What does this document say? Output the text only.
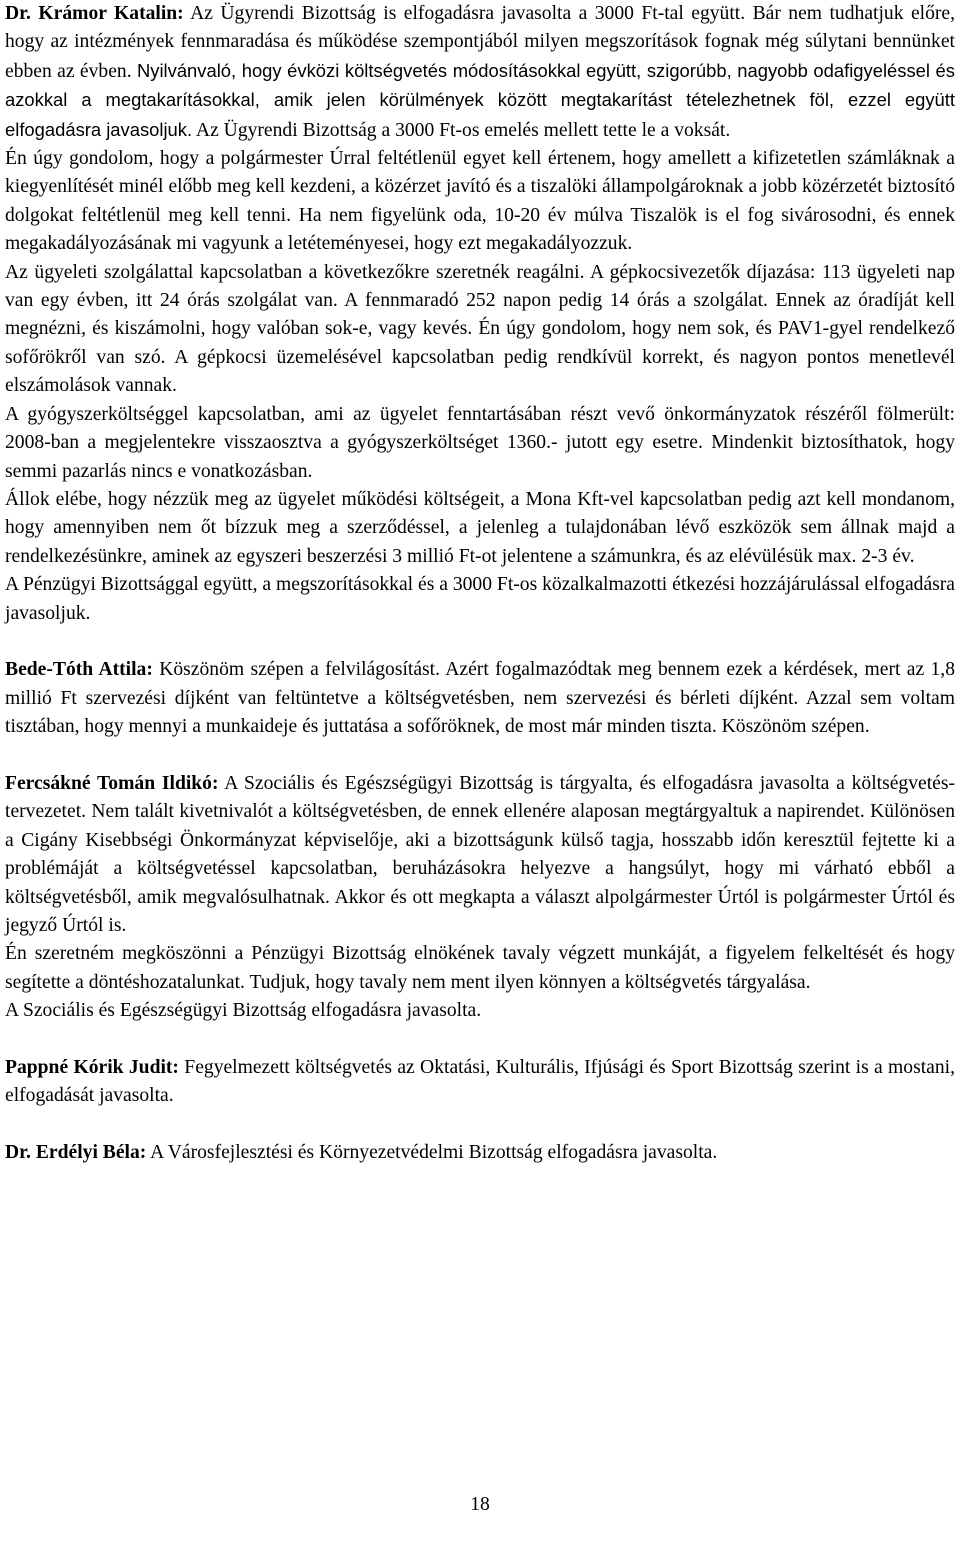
Dr. Krámor Katalin: Az Ügyrendi Bizottság is elfogadásra javasolta a 3000 Ft-tal együtt. Bár nem tudhatjuk előre, hogy az intézmények fennmaradása és működése szempontjából milyen megszorítások fognak még súlytani bennünket ebben az évben. Nyilvánvaló, hogy évközi költségvetés módosításokkal együtt, szigorúbb, nagyobb odafigyeléssel és azokkal a megtakarításokkal, amik jelen körülmények között megtakarítást tételezhetnek föl, ezzel együtt elfogadásra javasoljuk. Az Ügyrendi Bizottság a 3000 Ft-os emelés mellett tette le a voksát.

Én úgy gondolom, hogy a polgármester Úrral feltétlenül egyet kell értenem, hogy amellett a kifizetetlen számláknak a kiegyenlítését minél előbb meg kell kezdeni, a közérzet javító és a tiszalöki állampolgároknak a jobb közérzetét biztosító dolgokat feltétlenül meg kell tenni. Ha nem figyelünk oda, 10-20 év múlva Tiszalök is el fog sivárosodni, és ennek megakadályozásának mi vagyunk a letéteményesei, hogy ezt megakadályozzuk.

Az ügyeleti szolgálattal kapcsolatban a következőkre szeretnék reagálni. A gépkocsivezetők díjazása: 113 ügyeleti nap van egy évben, itt 24 órás szolgálat van. A fennmaradó 252 napon pedig 14 órás a szolgálat. Ennek az óradíját kell megnézni, és kiszámolni, hogy valóban sok-e, vagy kevés. Én úgy gondolom, hogy nem sok, és PAV1-gyel rendelkező sofőrökről van szó. A gépkocsi üzemelésével kapcsolatban pedig rendkívül korrekt, és nagyon pontos menetlevél elszámolások vannak.

A gyógyszerköltséggel kapcsolatban, ami az ügyelet fenntartásában részt vevő önkormányzatok részéről fölmerült: 2008-ban a megjelentekre visszaosztva a gyógyszerköltséget 1360.- jutott egy esetre. Mindenkit biztosíthatok, hogy semmi pazarlás nincs e vonatkozásban.

Állok elébe, hogy nézzük meg az ügyelet működési költségeit, a Mona Kft-vel kapcsolatban pedig azt kell mondanom, hogy amennyiben nem őt bízzuk meg a szerződéssel, a jelenleg a tulajdonában lévő eszközök sem állnak majd a rendelkezésünkre, aminek az egyszeri beszerzési 3 millió Ft-ot jelentene a számunkra, és az elévülésük max. 2-3 év.

A Pénzügyi Bizottsággal együtt, a megszorításokkal és a 3000 Ft-os közalkalmazotti étkezési hozzájárulással elfogadásra javasoljuk.

Bede-Tóth Attila: Köszönöm szépen a felvilágosítást. Azért fogalmazódtak meg bennem ezek a kérdések, mert az 1,8 millió Ft szervezési díjként van feltüntetve a költségvetésben, nem szervezési és bérleti díjként. Azzal sem voltam tisztában, hogy mennyi a munkaideje és juttatása a sofőröknek, de most már minden tiszta. Köszönöm szépen.

Fercsákné Tomán Ildikó: A Szociális és Egészségügyi Bizottság is tárgyalta, és elfogadásra javasolta a költségvetés-tervezetet. Nem talált kivetnivalót a költségvetésben, de ennek ellenére alaposan megtárgyaltuk a napirendet. Különösen a Cigány Kisebbségi Önkormányzat képviselője, aki a bizottságunk külső tagja, hosszabb időn keresztül fejtette ki a problémáját a költségvetéssel kapcsolatban, beruházásokra helyezve a hangsúlyt, hogy mi várható ebből a költségvetésből, amik megvalósulhatnak. Akkor és ott megkapta a választ alpolgármester Úrtól is polgármester Úrtól és jegyző Úrtól is.

Én szeretném megköszönni a Pénzügyi Bizottság elnökének tavaly végzett munkáját, a figyelem felkeltését és hogy segítette a döntéshozatalunkat. Tudjuk, hogy tavaly nem ment ilyen könnyen a költségvetés tárgyalása.

A Szociális és Egészségügyi Bizottság elfogadásra javasolta.

Pappné Kórik Judit: Fegyelmezett költségvetés az Oktatási, Kulturális, Ifjúsági és Sport Bizottság szerint is a mostani, elfogadását javasolta.

Dr. Erdélyi Béla: A Városfejlesztési és Környezetvédelmi Bizottság elfogadásra javasolta.

18
